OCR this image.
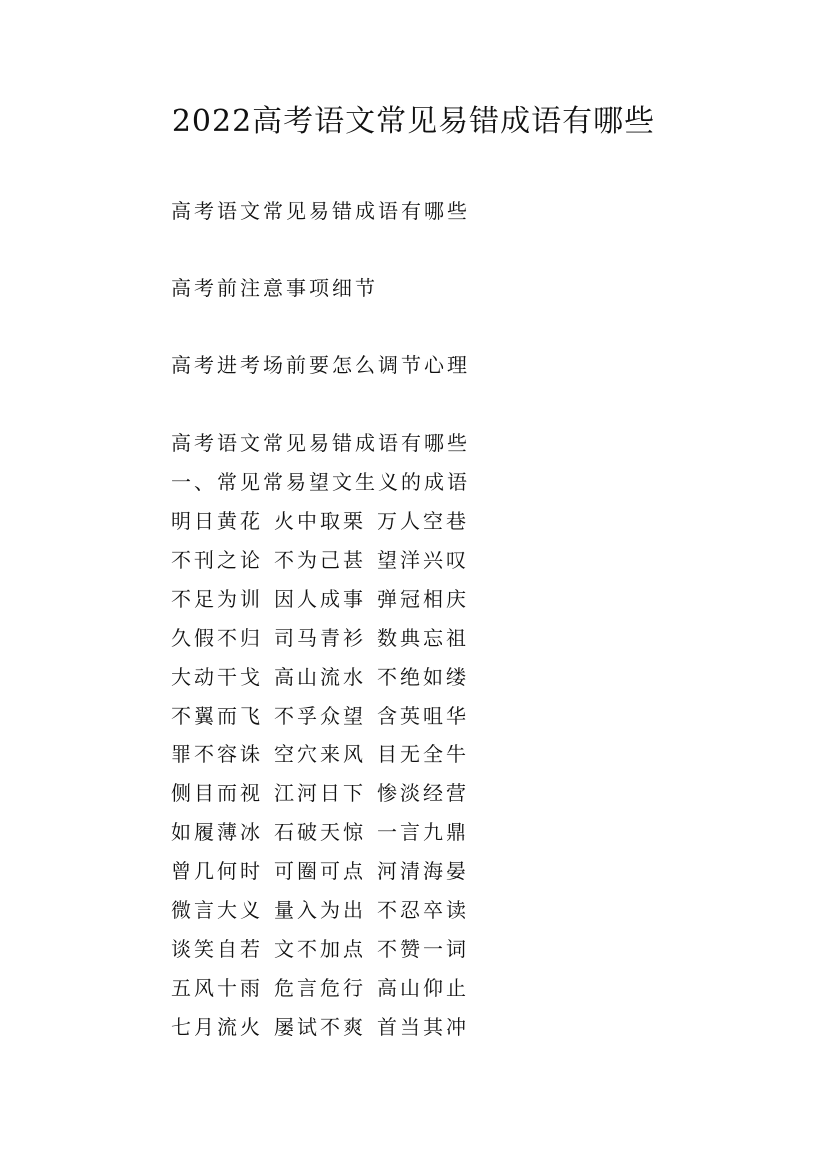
2022高考语文常见易错成语有哪些
高考语文常见易错成语有哪些
高考前注意事项细节
高考进考场前要怎么调节心理
高考语文常见易错成语有哪些
一、常见常易望文生义的成语
明日黄花 火中取栗 万人空巷
不刊之论 不为己甚 望洋兴叹
不足为训 因人成事 弹冠相庆
久假不归 司马青衫 数典忘祖
大动干戈 高山流水 不绝如缕
不翼而飞 不孚众望 含英咀华
罪不容诛 空穴来风 目无全牛
侧目而视 江河日下 惨淡经营
如履薄冰 石破天惊 一言九鼎
曾几何时 可圈可点 河清海晏
微言大义 量入为出 不忍卒读
谈笑自若 文不加点 不赞一词
五风十雨 危言危行 高山仰止
七月流火 屡试不爽 首当其冲
